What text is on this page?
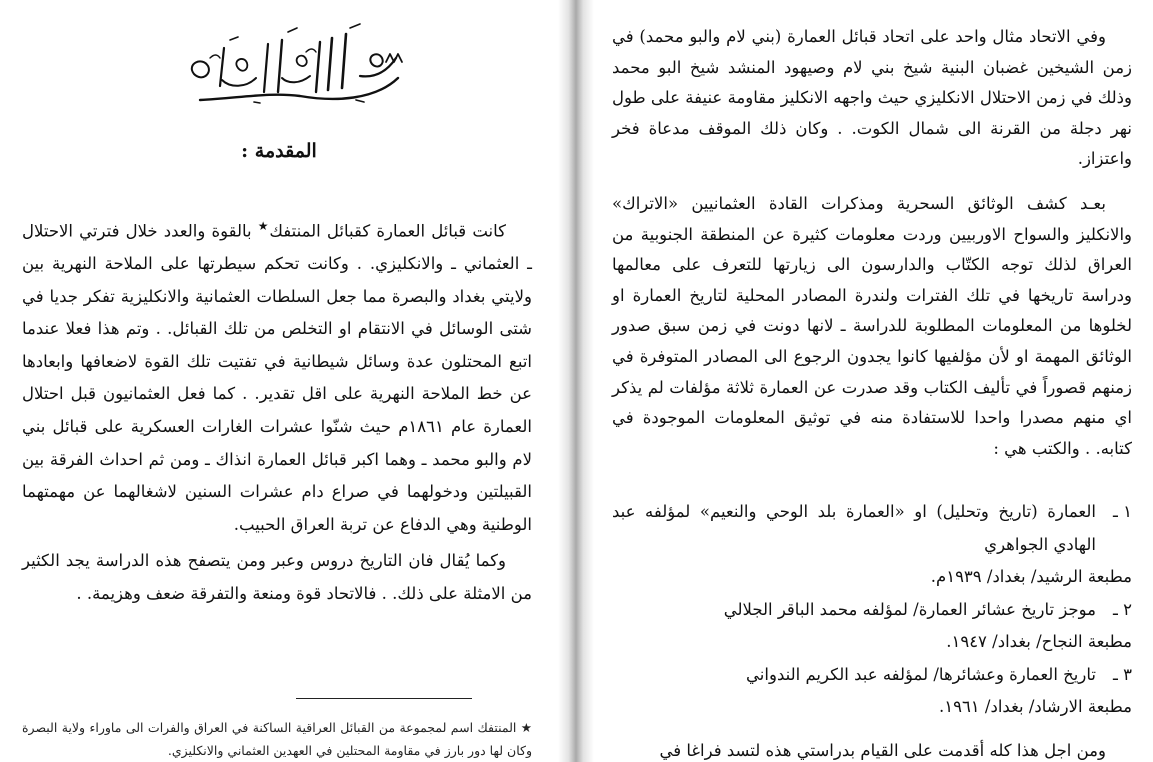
المقدمة :

كانت قبائل العمارة كقبائل المنتفك★ بالقوة والعدد خلال فترتي الاحتلال ـ العثماني ـ والانكليزي. . وكانت تحكم سيطرتها على الملاحة النهرية بين ولايتي بغداد والبصرة مما جعل السلطات العثمانية والانكليزية تفكر جديا في شتى الوسائل في الانتقام او التخلص من تلك القبائل. . وتم هذا فعلا عندما اتبع المحتلون عدة وسائل شيطانية في تفتيت تلك القوة لاضعافها وابعادها عن خط الملاحة النهرية على اقل تقدير. . كما فعل العثمانيون قبل احتلال العمارة عام ١٨٦١م حيث شنّوا عشرات الغارات العسكرية على قبائل بني لام والبو محمد ـ وهما اكبر قبائل العمارة انذاك ـ ومن ثم احداث الفرقة بين القبيلتين ودخولهما في صراع دام عشرات السنين لاشغالهما عن مهمتهما الوطنية وهي الدفاع عن تربة العراق الحبيب.

وكما يُقال فان التاريخ دروس وعبر ومن يتصفح هذه الدراسة يجد الكثير من الامثلة على ذلك. . فالاتحاد قوة ومنعة والتفرقة ضعف وهزيمة. .

★ المنتفك اسم لمجموعة من القبائل العراقية الساكنة في العراق والفرات الى ماوراء ولاية البصرة وكان لها دور بارز في مقاومة المحتلين في العهدين العثماني والانكليزي.

وفي الاتحاد مثال واحد على اتحاد قبائل العمارة (بني لام والبو محمد) في زمن الشيخين غضبان البنية شيخ بني لام وصيهود المنشد شيخ البو محمد وذلك في زمن الاحتلال الانكليزي حيث واجهه الانكليز مقاومة عنيفة على طول نهر دجلة من القرنة الى شمال الكوت. . وكان ذلك الموقف مدعاة فخر واعتزاز.

بعـد كشف الوثائق السحرية ومذكرات القادة العثمانيين «الاتراك» والانكليز والسواح الاوربيين وردت معلومات كثيرة عن المنطقة الجنوبية من العراق لذلك توجه الكتّاب والدارسون الى زيارتها للتعرف على معالمها ودراسة تاريخها في تلك الفترات ولندرة المصادر المحلية لتاريخ العمارة او لخلوها من المعلومات المطلوبة للدراسة ـ لانها دونت في زمن سبق صدور الوثائق المهمة او لأن مؤلفيها كانوا يجدون الرجوع الى المصادر المتوفرة في زمنهم قصوراً في تأليف الكتاب وقد صدرت عن العمارة ثلاثة مؤلفات لم يذكر اي منهم مصدرا واحدا للاستفادة منه في توثيق المعلومات الموجودة في كتابه. . والكتب هي :

١ ـ
العمارة (تاريخ وتحليل) او «العمارة بلد الوحي والنعيم» لمؤلفه عبد الهادي الجواهري
مطبعة الرشيد/ بغداد/ ١٩٣٩م.
٢ ـ
موجز تاريخ عشائر العمارة/ لمؤلفه محمد الباقر الجلالي
مطبعة النجاح/ بغداد/ ١٩٤٧.
٣ ـ
تاريخ العمارة وعشائرها/ لمؤلفه عبد الكريم الندواني
مطبعة الارشاد/ بغداد/ ١٩٦١.

ومن اجل هذا كله أقدمت على القيام بدراستي هذه لتسد فراغا في
